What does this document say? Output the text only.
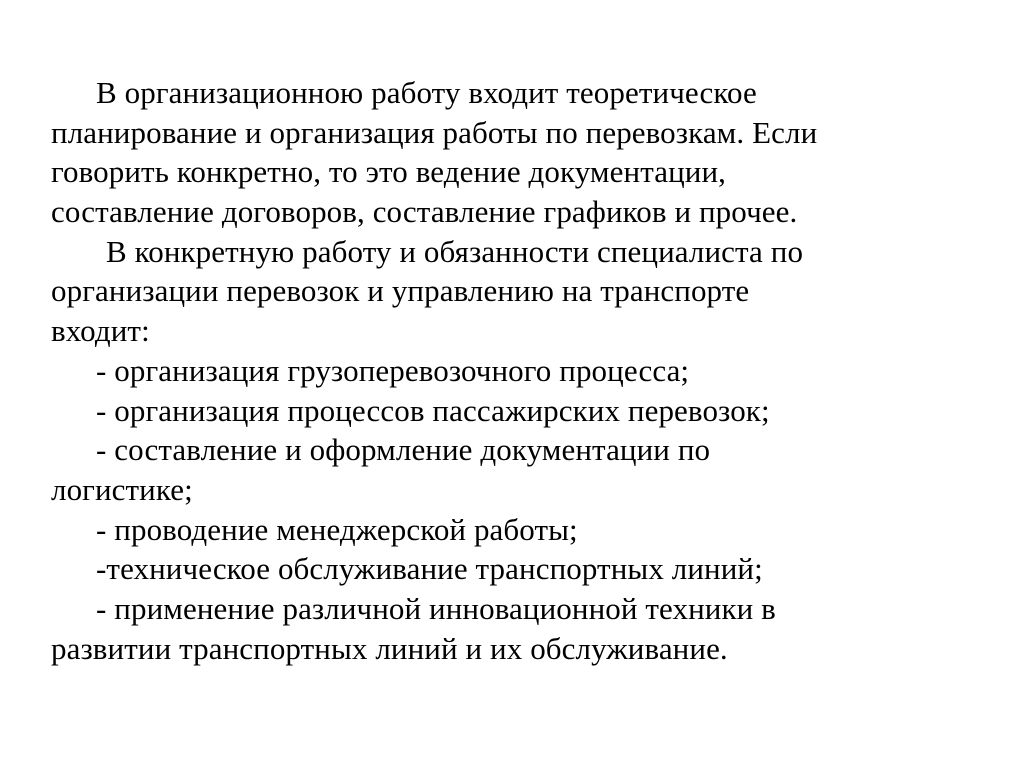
В организационною работу входит теоретическое
планирование и организация работы по перевозкам. Если
говорить конкретно, то это ведение документации,
составление договоров, составление графиков и прочее.
В конкретную работу и обязанности специалиста по
организации перевозок и управлению на транспорте
входит:
- организация грузоперевозочного процесса;
- организация процессов пассажирских перевозок;
- составление и оформление документации по
логистике;
- проводение менеджерской работы;
-техническое обслуживание транспортных линий;
- применение различной инновационной техники в
развитии транспортных линий и их обслуживание.
